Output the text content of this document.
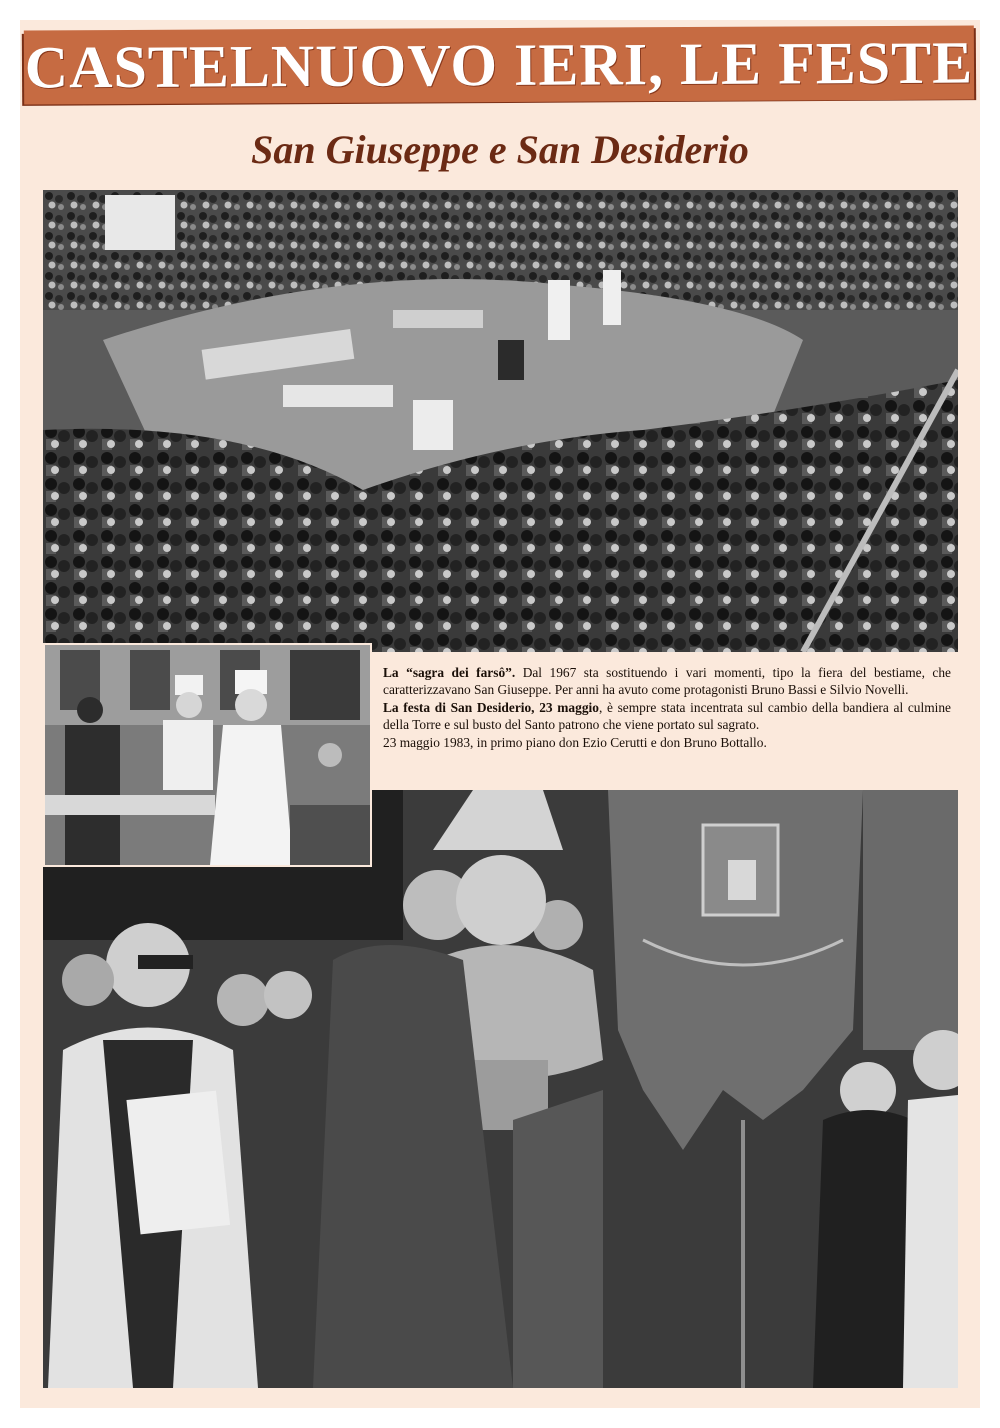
CASTELNUOVO IERI, LE FESTE
San Giuseppe e San Desiderio

La “sagra dei farsô”. Dal 1967 sta sostituendo i vari momenti, tipo la fiera del bestiame, che caratterizzavano San Giuseppe. Per anni ha avuto come protagonisti Bruno Bassi e Silvio Novelli.

La festa di San Desiderio, 23 maggio, è sempre stata incentrata sul cambio della bandiera al culmine della Torre e sul busto del Santo patrono che viene portato sul sagrato.

23 maggio 1983, in primo piano don Ezio Cerutti e don Bruno Bottallo.
